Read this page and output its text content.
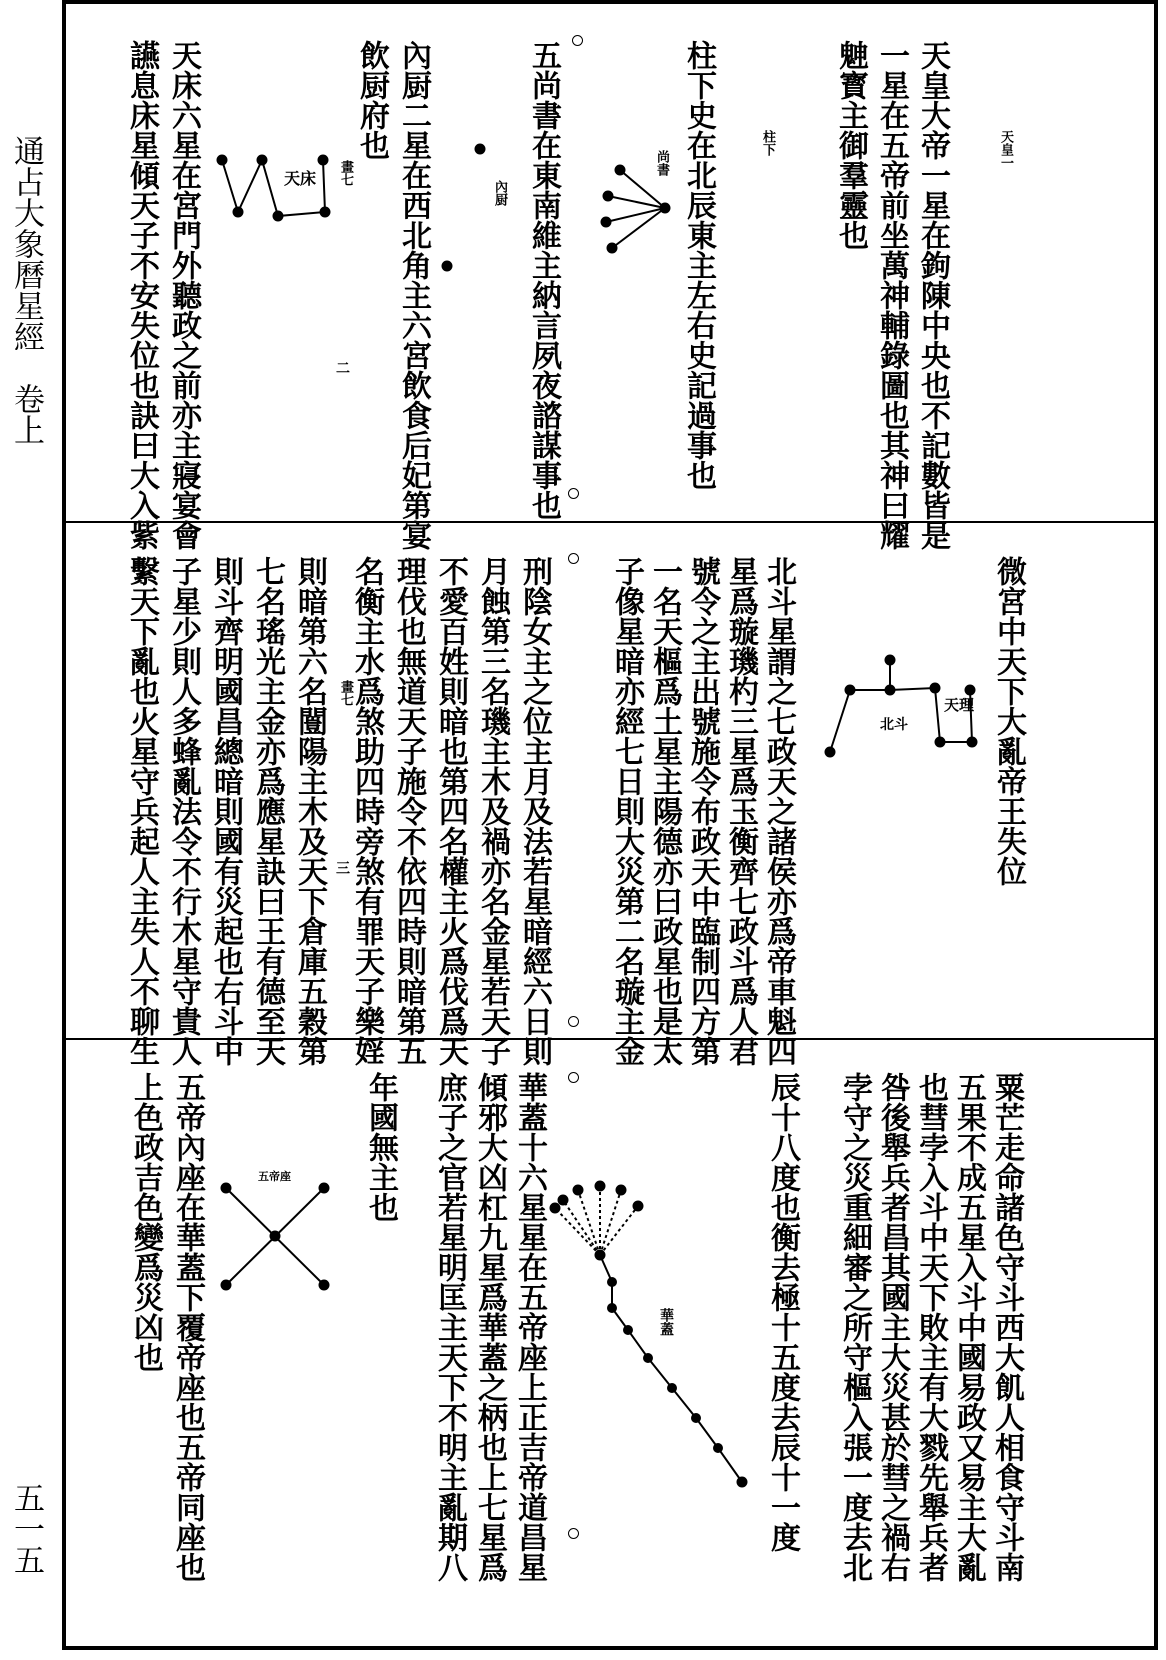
通占大象曆星經　卷上
五一五
天皇大帝一星在鉤陳中央也不記數皆是
一星在五帝前坐萬神輔錄圖也其神曰耀
䰠寳主御羣靈也
柱下史在北辰東主左右史記過事也
五尚書在東南維主納言夙夜諮謀事也
內厨二星在西北角主六宮飲食后妃第宴
飲厨府也
天床六星在宮門外聽政之前亦主寢宴會
讌息床星傾天子不安失位也訣曰大入紫	天皇一
柱下
尚書
內厨
畫七
天床
二
微宮中天下大亂帝王失位
北斗星謂之七政天之諸侯亦爲帝車魁四
星爲璇璣杓三星爲玉衡齊七政斗爲人君
號令之主出號施令布政天中臨制四方第
一名天樞爲土星主陽德亦曰政星也是太
子像星暗亦經七日則大災第二名璇主金
刑陰女主之位主月及法若星暗經六日則
月蝕第三名璣主木及禍亦名金星若天子
不愛百姓則暗也第四名權主火爲伐爲天
理伐也無道天子施令不依四時則暗第五
名衡主水爲煞助四時旁煞有罪天子樂婬
則暗第六名闓陽主木及天下倉庫五穀第
七名瑤光主金亦爲應星訣曰王有德至天
則斗齊明國昌總暗則國有災起也右斗中
子星少則人多蜂亂法令不行木星守貴人
繫天下亂也火星守兵起人主失人不聊生	天理
北斗
畫七
三
粟芒走命諸色守斗西大飢人相食守斗南
五果不成五星入斗中國易政又易主大亂
也彗孛入斗中天下敗主有大戮先舉兵者
咎後舉兵者昌其國主大災甚於彗之禍右
孛守之災重細審之所守樞入張一度去北
辰十八度也衡去極十五度去辰十一度
華蓋十六星星在五帝座上正吉帝道昌星
傾邪大凶杠九星爲華蓋之柄也上七星爲
庶子之官若星明匡主天下不明主亂期八
年國無主也
五帝內座在華蓋下覆帝座也五帝同座也
上色政吉色變爲災凶也	華蓋
五帝座
